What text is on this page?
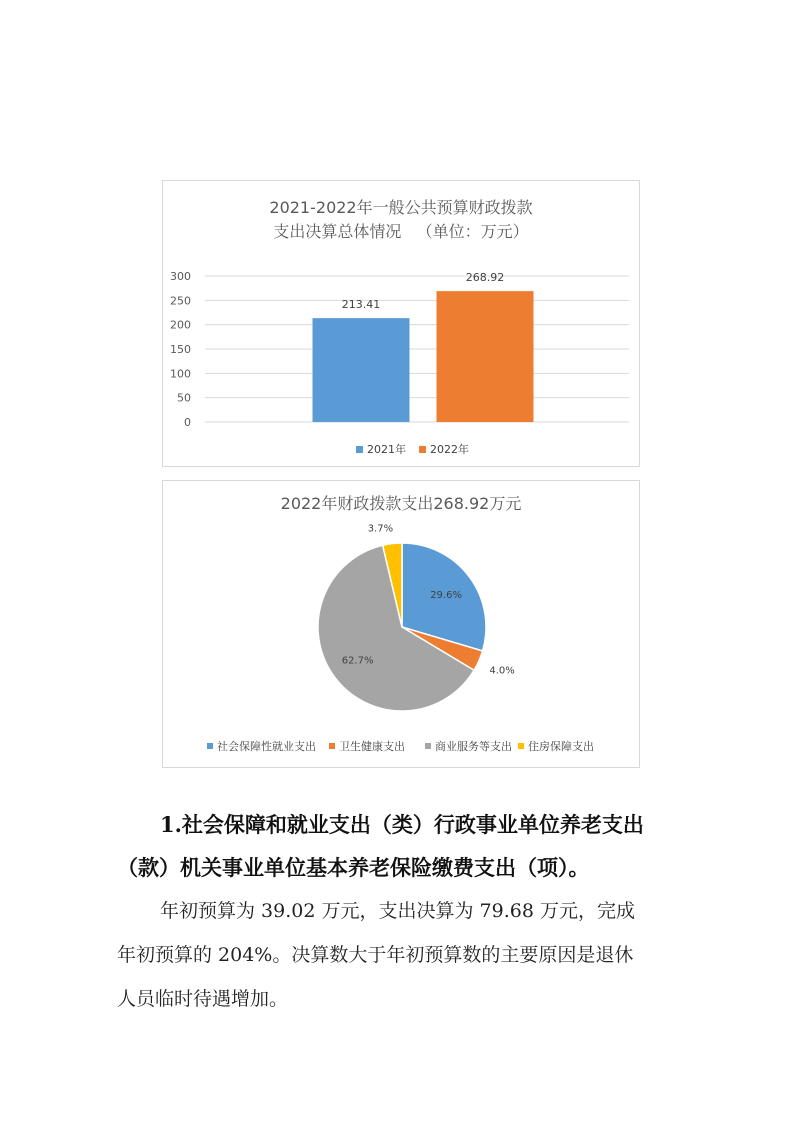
2021-2022年一般公共预算财政拨款
支出决算总体情况   （单位：万元）
0
50
100
150
200
250
300
213.41
268.92
2021年 2022年
2022年财政拨款支出268.92万元
29.6%
4.0%
62.7%
3.7%
社会保障性就业支出 卫生健康支出	商业服务等支出 住房保障支出

1.社会保障和就业支出（类）行政事业单位养老支出

（款）机关事业单位基本养老保险缴费支出（项）。

年初预算为 39.02 万元，支出决算为 79.68 万元，完成

年初预算的 204%。决算数大于年初预算数的主要原因是退休

人员临时待遇增加。
